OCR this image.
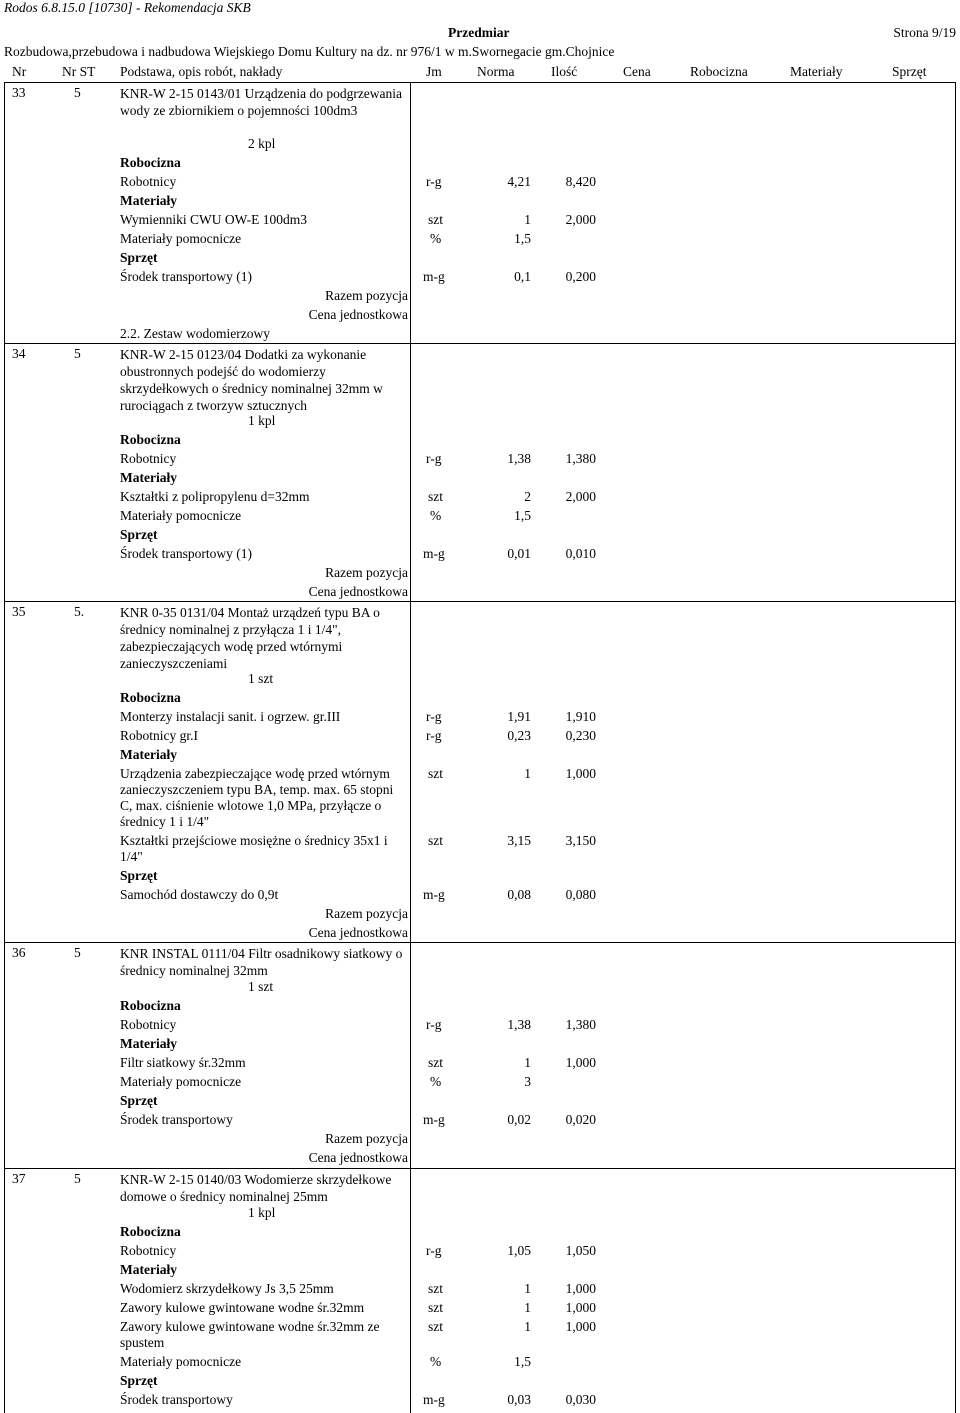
Rodos 6.8.15.0 [10730] - Rekomendacja SKB
Przedmiar	Strona 9/19
Rozbudowa,przebudowa i nadbudowa Wiejskiego Domu Kultury na dz. nr 976/1 w m.Swornegacie gm.Chojnice
Nr	Nr ST Podstawa, opis robót, nakłady	Jm	Norma	Ilość	Cena	Robocizna	Materiały	Sprzęt
33	5	KNR-W 2-15 0143/01 Urządzenia do podgrzewania wody ze zbiornikiem o pojemności 100dm3
2 kpl
Robocizna
Robotnicy	r-g	4,21	8,420
Materiały
Wymienniki CWU OW-E 100dm3	szt	1	2,000
Materiały pomocnicze	%	1,5
Sprzęt
Środek transportowy (1)	m-g	0,1	0,200
Razem pozycja
Cena jednostkowa
2.2. Zestaw wodomierzowy
34	5	KNR-W 2-15 0123/04 Dodatki za wykonanie obustronnych podejść do wodomierzy skrzydełkowych o średnicy nominalnej 32mm w rurociągach z tworzyw sztucznych
1 kpl
Robocizna
Robotnicy	r-g	1,38	1,380
Materiały
Kształtki z polipropylenu d=32mm	szt	2	2,000
Materiały pomocnicze	%	1,5
Sprzęt
Środek transportowy (1)	m-g	0,01	0,010
Razem pozycja
Cena jednostkowa
35	5.	KNR 0-35 0131/04 Montaż urządzeń typu BA o średnicy nominalnej z przyłącza 1 i 1/4", zabezpieczających wodę przed wtórnymi zanieczyszczeniami
1 szt
Robocizna
Monterzy instalacji sanit. i ogrzew. gr.III	r-g	1,91	1,910
Robotnicy gr.I	r-g	0,23	0,230
Materiały
Urządzenia zabezpieczające wodę przed wtórnym zanieczyszczeniem typu BA, temp. max. 65 stopni C, max. ciśnienie wlotowe 1,0 MPa, przyłącze o średnicy 1 i 1/4"
szt	1	1,000
Kształtki przejściowe mosiężne o średnicy 35x1 i 1/4"
szt	3,15	3,150
Sprzęt
Samochód dostawczy do 0,9t	m-g	0,08	0,080
Razem pozycja
Cena jednostkowa
36	5	KNR INSTAL 0111/04 Filtr osadnikowy siatkowy o średnicy nominalnej 32mm
1 szt
Robocizna
Robotnicy	r-g	1,38	1,380
Materiały
Filtr siatkowy śr.32mm	szt	1	1,000
Materiały pomocnicze	%	3
Sprzęt
Środek transportowy	m-g	0,02	0,020
Razem pozycja
Cena jednostkowa
37	5	KNR-W 2-15 0140/03 Wodomierze skrzydełkowe domowe o średnicy nominalnej 25mm
1 kpl
Robocizna
Robotnicy	r-g	1,05	1,050
Materiały
Wodomierz skrzydełkowy Js 3,5 25mm	szt	1	1,000
Zawory kulowe gwintowane wodne śr.32mm	szt	1	1,000
Zawory kulowe gwintowane wodne śr.32mm ze spustem
szt	1	1,000
Materiały pomocnicze	%	1,5
Sprzęt
Środek transportowy	m-g	0,03	0,030
